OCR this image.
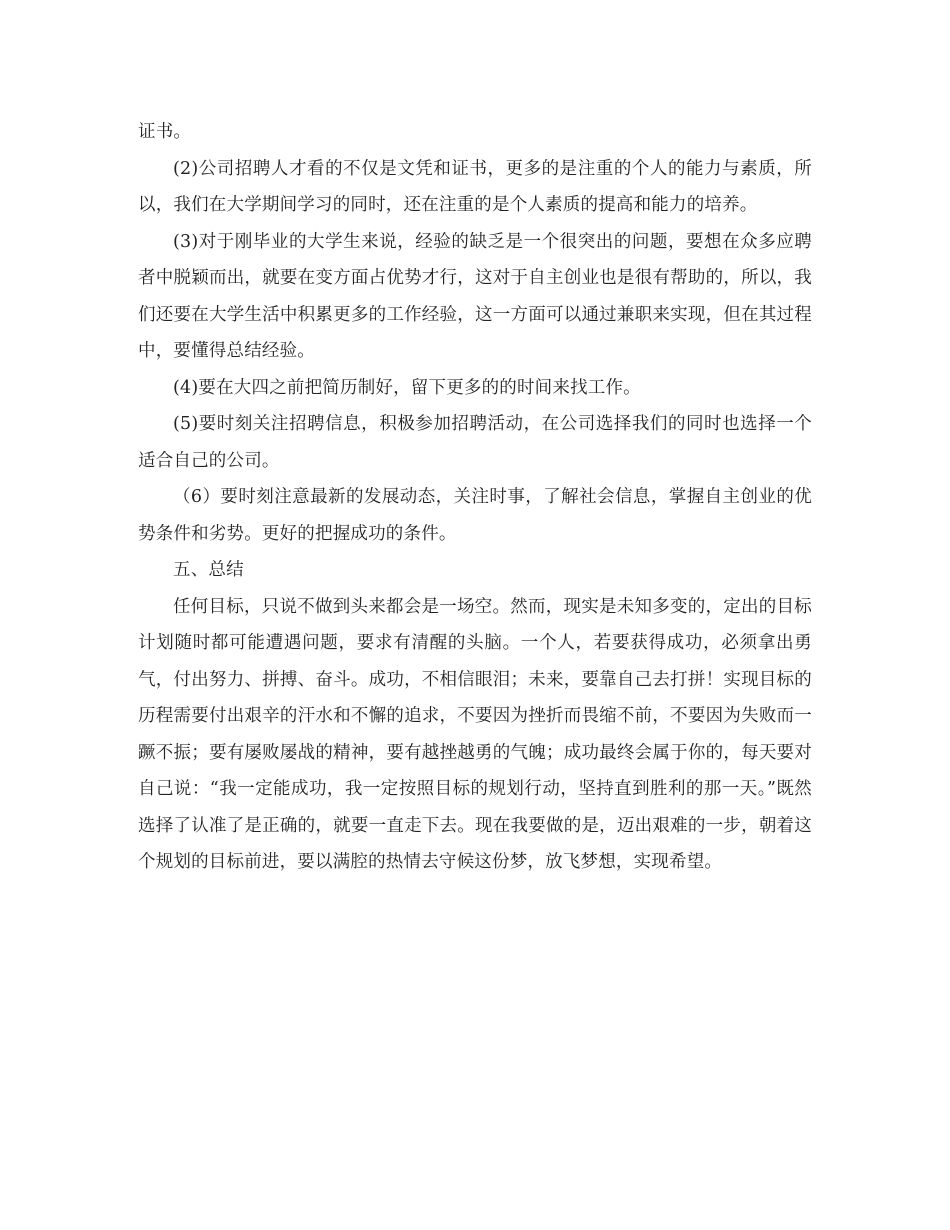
证书。

(2)公司招聘人才看的不仅是文凭和证书，更多的是注重的个人的能力与素质，所以，我们在大学期间学习的同时，还在注重的是个人素质的提高和能力的培养。

(3)对于刚毕业的大学生来说，经验的缺乏是一个很突出的问题，要想在众多应聘者中脱颖而出，就要在变方面占优势才行，这对于自主创业也是很有帮助的，所以，我们还要在大学生活中积累更多的工作经验，这一方面可以通过兼职来实现，但在其过程中，要懂得总结经验。

(4)要在大四之前把简历制好，留下更多的的时间来找工作。

(5)要时刻关注招聘信息，积极参加招聘活动，在公司选择我们的同时也选择一个适合自己的公司。

（6）要时刻注意最新的发展动态，关注时事，了解社会信息，掌握自主创业的优势条件和劣势。更好的把握成功的条件。

五、总结

任何目标，只说不做到头来都会是一场空。然而，现实是未知多变的，定出的目标计划随时都可能遭遇问题，要求有清醒的头脑。一个人，若要获得成功，必须拿出勇气，付出努力、拼搏、奋斗。成功，不相信眼泪；未来，要靠自己去打拼！实现目标的历程需要付出艰辛的汗水和不懈的追求，不要因为挫折而畏缩不前，不要因为失败而一蹶不振；要有屡败屡战的精神，要有越挫越勇的气魄；成功最终会属于你的，每天要对自己说：“我一定能成功，我一定按照目标的规划行动，坚持直到胜利的那一天。”既然选择了认准了是正确的，就要一直走下去。现在我要做的是，迈出艰难的一步，朝着这个规划的目标前进，要以满腔的热情去守候这份梦，放飞梦想，实现希望。
